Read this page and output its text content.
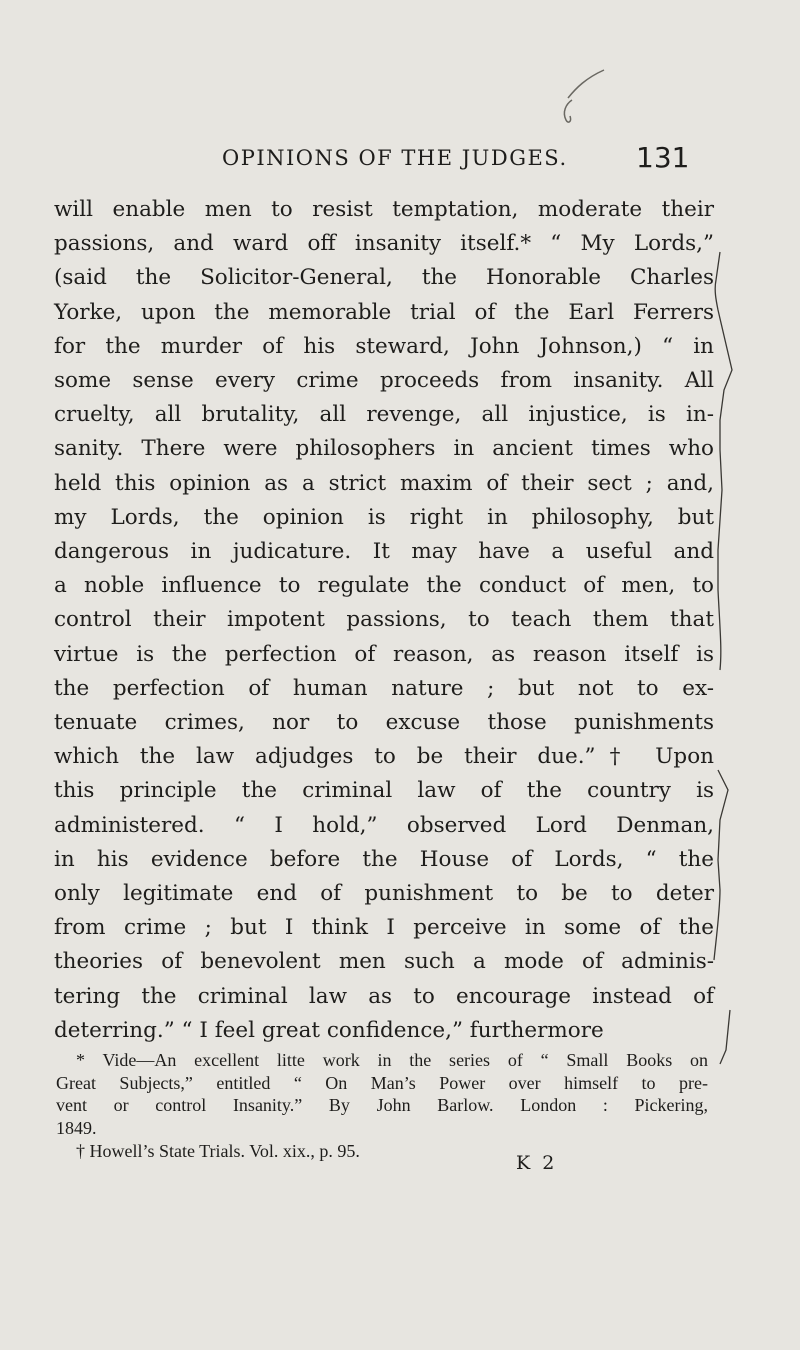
OPINIONS OF THE JUDGES. 131
will enable men to resist temptation, moderate their
passions, and ward off insanity itself.* “ My Lords,”
(said the Solicitor-General, the Honorable Charles
Yorke, upon the memorable trial of the Earl Ferrers
for the murder of his steward, John Johnson,) “ in
some sense every crime proceeds from insanity. All
cruelty, all brutality, all revenge, all injustice, is in-
sanity. There were philosophers in ancient times who
held this opinion as a strict maxim of their sect ; and,
my Lords, the opinion is right in philosophy, but
dangerous in judicature. It may have a useful and
a noble influence to regulate the conduct of men, to
control their impotent passions, to teach them that
virtue is the perfection of reason, as reason itself is
the perfection of human nature ; but not to ex-
tenuate crimes, nor to excuse those punishments
which the law adjudges to be their due.”† Upon
this principle the criminal law of the country is
administered. “ I hold,” observed Lord Denman,
in his evidence before the House of Lords, “ the
only legitimate end of punishment to be to deter
from crime ; but I think I perceive in some of the
theories of benevolent men such a mode of adminis-
tering the criminal law as to encourage instead of
deterring.” “ I feel great confidence,” furthermore
* Vide—An excellent litte work in the series of “ Small Books on
Great Subjects,” entitled “ On Man’s Power over himself to pre-
vent or control Insanity.” By John Barlow. London : Pickering,
1849.
† Howell’s State Trials. Vol. xix., p. 95.
K 2
